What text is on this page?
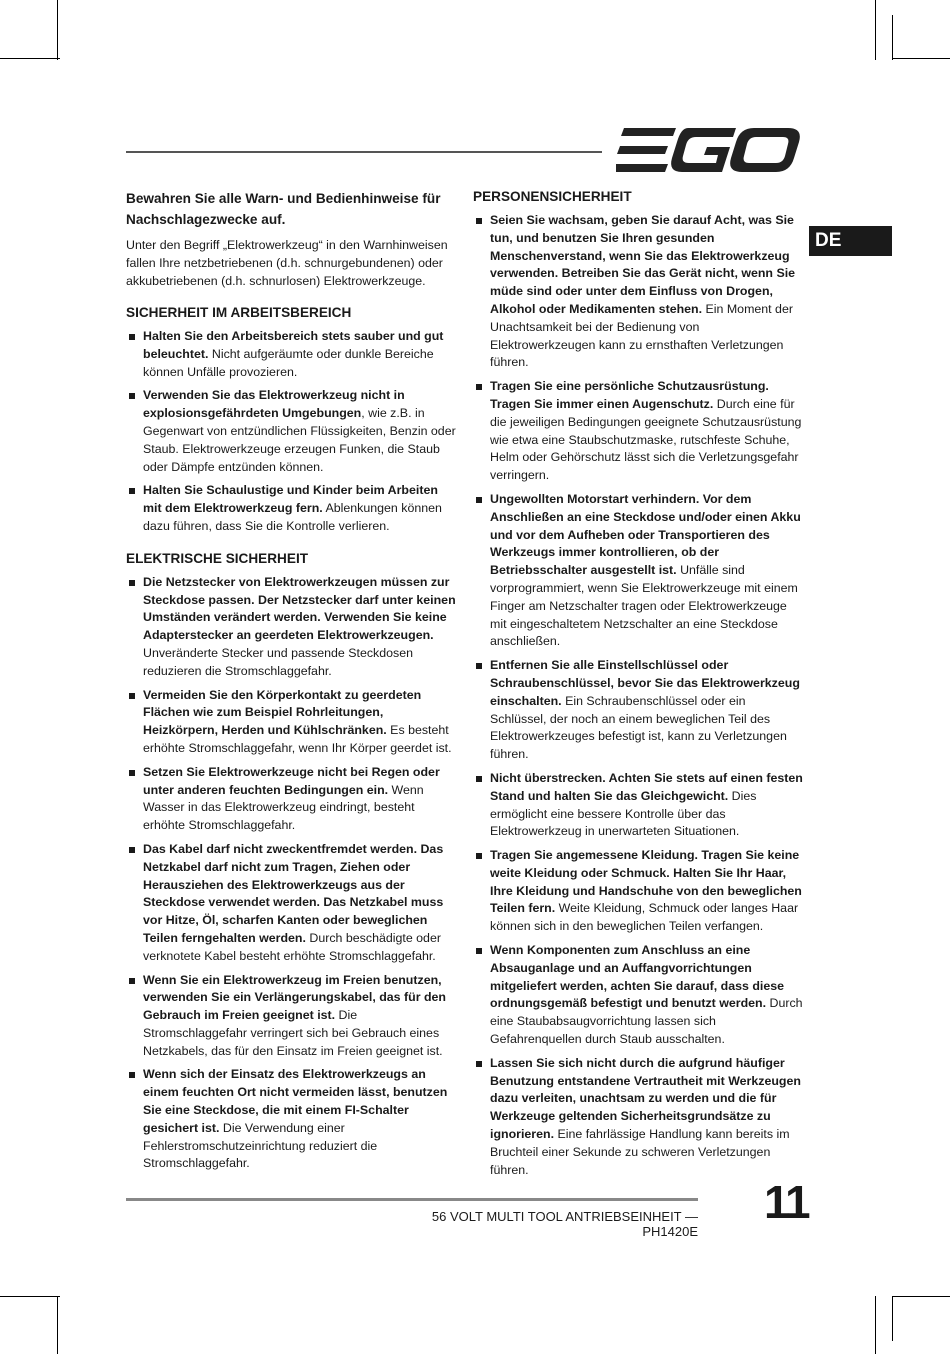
DE

Bewahren Sie alle Warn- und Bedienhinweise für Nachschlagezwecke auf.

Unter den Begriff „Elektrowerkzeug“ in den Warnhinweisen fallen Ihre netzbetriebenen (d.h. schnurgebundenen) oder akkubetriebenen (d.h. schnurlosen) Elektrowerkzeuge.

SICHERHEIT IM ARBEITSBEREICH
Halten Sie den Arbeitsbereich stets sauber und gut beleuchtet. Nicht aufgeräumte oder dunkle Bereiche können Unfälle provozieren.
Verwenden Sie das Elektrowerkzeug nicht in explosionsgefährdeten Umgebungen, wie z.B. in Gegenwart von entzündlichen Flüssigkeiten, Benzin oder Staub. Elektrowerkzeuge erzeugen Funken, die Staub oder Dämpfe entzünden können.
Halten Sie Schaulustige und Kinder beim Arbeiten mit dem Elektrowerkzeug fern. Ablenkungen können dazu führen, dass Sie die Kontrolle verlieren.
ELEKTRISCHE SICHERHEIT
Die Netzstecker von Elektrowerkzeugen müssen zur Steckdose passen. Der Netzstecker darf unter keinen Umständen verändert werden. Verwenden Sie keine Adapterstecker an geerdeten Elektrowerkzeugen. Unveränderte Stecker und passende Steckdosen reduzieren die Stromschlaggefahr.
Vermeiden Sie den Körperkontakt zu geerdeten Flächen wie zum Beispiel Rohrleitungen, Heizkörpern, Herden und Kühlschränken. Es besteht erhöhte Stromschlaggefahr, wenn Ihr Körper geerdet ist.
Setzen Sie Elektrowerkzeuge nicht bei Regen oder unter anderen feuchten Bedingungen ein. Wenn Wasser in das Elektrowerkzeug eindringt, besteht erhöhte Stromschlaggefahr.
Das Kabel darf nicht zweckentfremdet werden. Das Netzkabel darf nicht zum Tragen, Ziehen oder Herausziehen des Elektrowerkzeugs aus der Steckdose verwendet werden. Das Netzkabel muss vor Hitze, Öl, scharfen Kanten oder beweglichen Teilen ferngehalten werden. Durch beschädigte oder verknotete Kabel besteht erhöhte Stromschlaggefahr.
Wenn Sie ein Elektrowerkzeug im Freien benutzen, verwenden Sie ein Verlängerungskabel, das für den Gebrauch im Freien geeignet ist. Die Stromschlaggefahr verringert sich bei Gebrauch eines Netzkabels, das für den Einsatz im Freien geeignet ist.
Wenn sich der Einsatz des Elektrowerkzeugs an einem feuchten Ort nicht vermeiden lässt, benutzen Sie eine Steckdose, die mit einem FI-Schalter gesichert ist. Die Verwendung einer Fehlerstromschutzeinrichtung reduziert die Stromschlaggefahr.
PERSONENSICHERHEIT
Seien Sie wachsam, geben Sie darauf Acht, was Sie tun, und benutzen Sie Ihren gesunden Menschenverstand, wenn Sie das Elektrowerkzeug verwenden. Betreiben Sie das Gerät nicht, wenn Sie müde sind oder unter dem Einfluss von Drogen, Alkohol oder Medikamenten stehen. Ein Moment der Unachtsamkeit bei der Bedienung von Elektrowerkzeugen kann zu ernsthaften Verletzungen führen.
Tragen Sie eine persönliche Schutzausrüstung. Tragen Sie immer einen Augenschutz. Durch eine für die jeweiligen Bedingungen geeignete Schutzausrüstung wie etwa eine Staubschutzmaske, rutschfeste Schuhe, Helm oder Gehörschutz lässt sich die Verletzungsgefahr verringern.
Ungewollten Motorstart verhindern. Vor dem Anschließen an eine Steckdose und/oder einen Akku und vor dem Aufheben oder Transportieren des Werkzeugs immer kontrollieren, ob der Betriebsschalter ausgestellt ist. Unfälle sind vorprogrammiert, wenn Sie Elektrowerkzeuge mit einem Finger am Netzschalter tragen oder Elektrowerkzeuge mit eingeschaltetem Netzschalter an eine Steckdose anschließen.
Entfernen Sie alle Einstellschlüssel oder Schraubenschlüssel, bevor Sie das Elektrowerkzeug einschalten. Ein Schraubenschlüssel oder ein Schlüssel, der noch an einem beweglichen Teil des Elektrowerkzeuges befestigt ist, kann zu Verletzungen führen.
Nicht überstrecken. Achten Sie stets auf einen festen Stand und halten Sie das Gleichgewicht. Dies ermöglicht eine bessere Kontrolle über das Elektrowerkzeug in unerwarteten Situationen.
Tragen Sie angemessene Kleidung. Tragen Sie keine weite Kleidung oder Schmuck. Halten Sie Ihr Haar, Ihre Kleidung und Handschuhe von den beweglichen Teilen fern. Weite Kleidung, Schmuck oder langes Haar können sich in den beweglichen Teilen verfangen.
Wenn Komponenten zum Anschluss an eine Absauganlage und an Auffangvorrichtungen mitgeliefert werden, achten Sie darauf, dass diese ordnungsgemäß befestigt und benutzt werden. Durch eine Staubabsaugvorrichtung lassen sich Gefahrenquellen durch Staub ausschalten.
Lassen Sie sich nicht durch die aufgrund häufiger Benutzung entstandene Vertrautheit mit Werkzeugen dazu verleiten, unachtsam zu werden und die für Werkzeuge geltenden Sicherheitsgrundsätze zu ignorieren. Eine fahrlässige Handlung kann bereits im Bruchteil einer Sekunde zu schweren Verletzungen führen.
56 VOLT MULTI TOOL ANTRIEBSEINHEIT — PH1420E
11
